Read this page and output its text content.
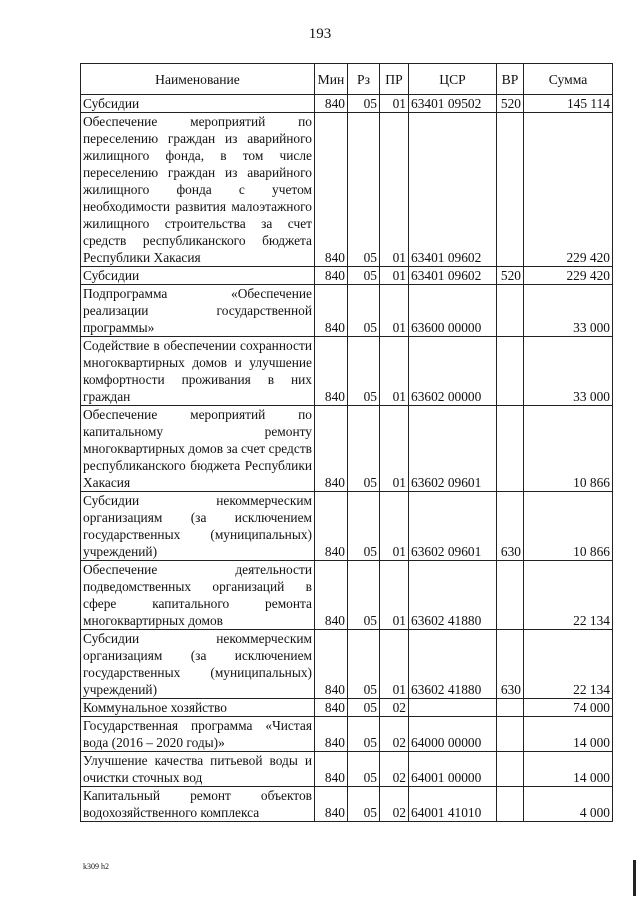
193
Наименование	Мин	Рз	ПР	ЦСР	ВР	Сумма
Субсидии	840	05	01	63401 09502	520	145 114
Обеспечение мероприятий по переселению граждан из аварийного жилищного фонда, в том числе переселению граждан из аварийного жилищного фонда с учетом необходимости развития малоэтажного жилищного строительства за счет средств республиканского бюджета Республики Хакасия	840	05	01	63401 09602		229 420
Субсидии	840	05	01	63401 09602	520	229 420
Подпрограмма «Обеспечение реализации государственной программы»	840	05	01	63600 00000		33 000
Содействие в обеспечении сохранности многоквартирных домов и улучшение комфортности проживания в них граждан	840	05	01	63602 00000		33 000
Обеспечение мероприятий по капитальному ремонту многоквартирных домов за счет средств республиканского бюджета Республики Хакасия	840	05	01	63602 09601		10 866
Субсидии некоммерческим организациям (за исключением государственных (муниципальных) учреждений)	840	05	01	63602 09601	630	10 866
Обеспечение деятельности подведомственных организаций в сфере капитального ремонта многоквартирных домов	840	05	01	63602 41880		22 134
Субсидии некоммерческим организациям (за исключением государственных (муниципальных) учреждений)	840	05	01	63602 41880	630	22 134
Коммунальное хозяйство	840	05	02			74 000
Государственная программа «Чистая вода (2016 – 2020 годы)»	840	05	02	64000 00000		14 000
Улучшение качества питьевой воды и очистки сточных вод	840	05	02	64001 00000		14 000
Капитальный ремонт объектов водохозяйственного комплекса	840	05	02	64001 41010		4 000
k309 h2
